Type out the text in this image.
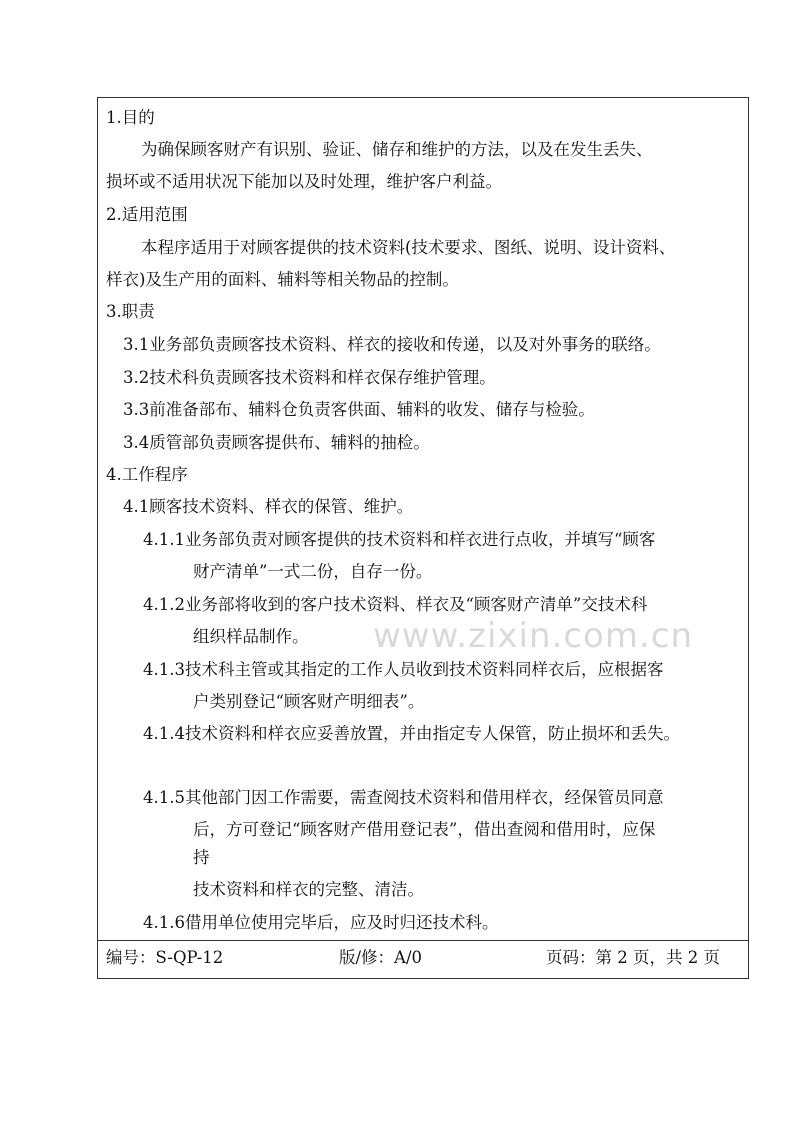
www.zixin.com.cn
1.目的
为确保顾客财产有识别、验证、储存和维护的方法，以及在发生丢失、
损坏或不适用状况下能加以及时处理，维护客户利益。
2.适用范围
本程序适用于对顾客提供的技术资料(技术要求、图纸、说明、设计资料、
样衣)及生产用的面料、辅料等相关物品的控制。
3.职责
3.1业务部负责顾客技术资料、样衣的接收和传递，以及对外事务的联络。
3.2技术科负责顾客技术资料和样衣保存维护管理。
3.3前准备部布、辅料仓负责客供面、辅料的收发、储存与检验。
3.4质管部负责顾客提供布、辅料的抽检。
4.工作程序
4.1顾客技术资料、样衣的保管、维护。
4.1.1业务部负责对顾客提供的技术资料和样衣进行点收，并填写“顾客
财产清单”一式二份，自存一份。
4.1.2业务部将收到的客户技术资料、样衣及“顾客财产清单”交技术科
组织样品制作。
4.1.3技术科主管或其指定的工作人员收到技术资料同样衣后，应根据客
户类别登记“顾客财产明细表”。
4.1.4技术资料和样衣应妥善放置，并由指定专人保管，防止损坏和丢失。
4.1.5其他部门因工作需要，需查阅技术资料和借用样衣，经保管员同意
后，方可登记“顾客财产借用登记表”，借出查阅和借用时，应保
持
技术资料和样衣的完整、清洁。
4.1.6借用单位使用完毕后，应及时归还技术科。
编号：S-QP-12	版/修：A/0	页码：第 2 页，共 2 页
